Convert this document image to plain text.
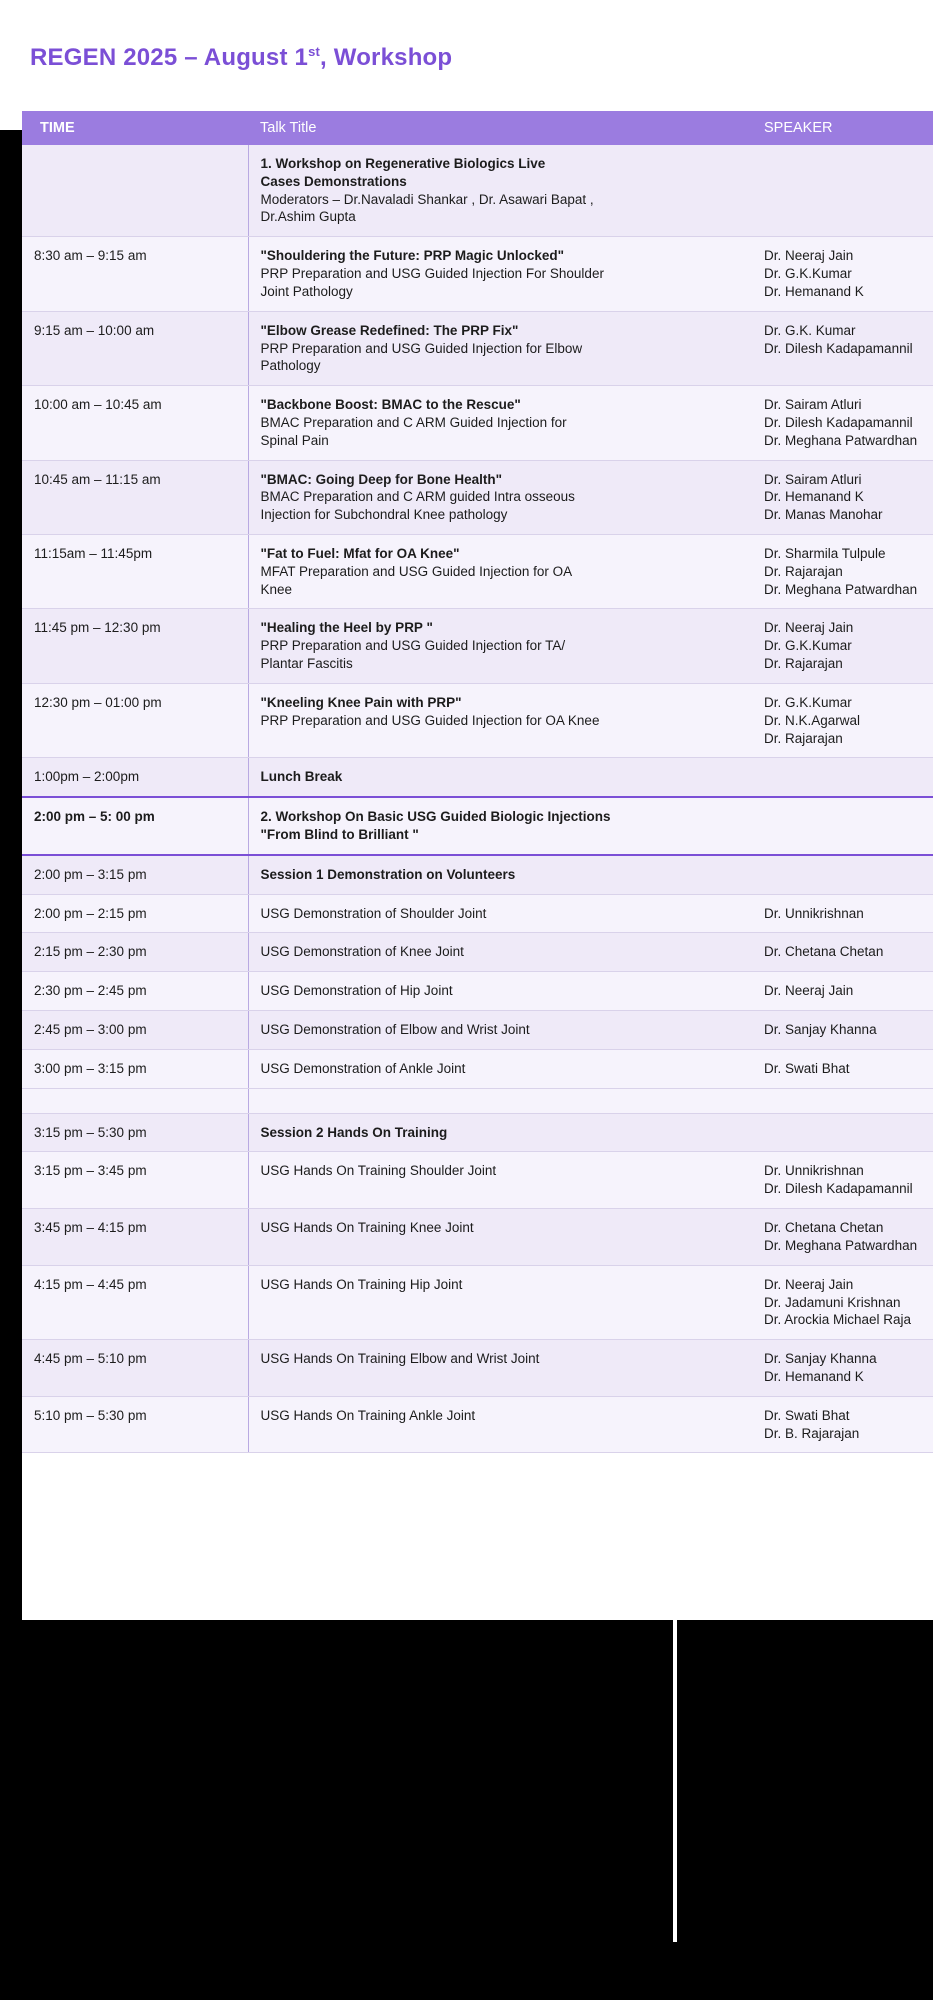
REGEN 2025 – August 1st, Workshop
TIME	Talk Title	SPEAKER

	1. Workshop on Regenerative Biologics Live
Cases Demonstrations
Moderators – Dr.Navaladi Shankar , Dr. Asawari Bapat ,
Dr.Ashim Gupta	

8:30 am – 9:15 am	"Shouldering the Future: PRP Magic Unlocked"
PRP Preparation and USG Guided Injection For Shoulder
Joint Pathology	Dr. Neeraj Jain
Dr. G.K.Kumar
Dr. Hemanand K

9:15 am – 10:00 am	"Elbow Grease Redefined: The PRP Fix"
PRP Preparation and USG Guided Injection for Elbow
Pathology	Dr. G.K. Kumar
Dr. Dilesh Kadapamannil

10:00 am – 10:45 am	"Backbone Boost: BMAC to the Rescue"
BMAC Preparation and C ARM Guided Injection for
Spinal Pain	Dr. Sairam Atluri
Dr. Dilesh Kadapamannil
Dr. Meghana Patwardhan

10:45 am – 11:15 am	"BMAC: Going Deep for Bone Health"
BMAC Preparation and C ARM guided Intra osseous
Injection for Subchondral Knee pathology	Dr. Sairam Atluri
Dr. Hemanand K
Dr. Manas Manohar

11:15am – 11:45pm	"Fat to Fuel: Mfat for OA Knee"
MFAT Preparation and USG Guided Injection for OA
Knee	Dr. Sharmila Tulpule
Dr. Rajarajan
Dr. Meghana Patwardhan

11:45 pm – 12:30 pm	"Healing the Heel by PRP "
PRP Preparation and USG Guided Injection for TA/
Plantar Fascitis	Dr. Neeraj Jain
Dr. G.K.Kumar
Dr. Rajarajan

12:30 pm – 01:00 pm	"Kneeling Knee Pain with PRP"
PRP Preparation and USG Guided Injection for OA Knee	Dr. G.K.Kumar
Dr. N.K.Agarwal
Dr. Rajarajan

1:00pm – 2:00pm	Lunch Break	

2:00 pm – 5: 00 pm	2. Workshop On Basic USG Guided Biologic Injections
"From Blind to Brilliant "	

2:00 pm – 3:15 pm	Session 1 Demonstration on Volunteers	

2:00 pm – 2:15 pm	USG Demonstration of Shoulder Joint	Dr. Unnikrishnan

2:15 pm – 2:30 pm	USG Demonstration of Knee Joint	Dr. Chetana Chetan

2:30 pm – 2:45 pm	USG Demonstration of Hip Joint	Dr. Neeraj Jain

2:45 pm – 3:00 pm	USG Demonstration of Elbow and Wrist Joint	Dr. Sanjay Khanna

3:00 pm – 3:15 pm	USG Demonstration of Ankle Joint	Dr. Swati Bhat

3:15 pm – 5:30 pm	Session 2 Hands On Training	

3:15 pm – 3:45 pm	USG Hands On Training Shoulder Joint	Dr. Unnikrishnan
Dr. Dilesh Kadapamannil

3:45 pm – 4:15 pm	USG Hands On Training Knee Joint	Dr. Chetana Chetan
Dr. Meghana Patwardhan

4:15 pm – 4:45 pm	USG Hands On Training Hip Joint	Dr. Neeraj Jain
Dr. Jadamuni Krishnan
Dr. Arockia Michael Raja

4:45 pm – 5:10 pm	USG Hands On Training Elbow and Wrist Joint	Dr. Sanjay Khanna
Dr. Hemanand K

5:10 pm – 5:30 pm	USG Hands On Training Ankle Joint	Dr. Swati Bhat
Dr. B. Rajarajan
